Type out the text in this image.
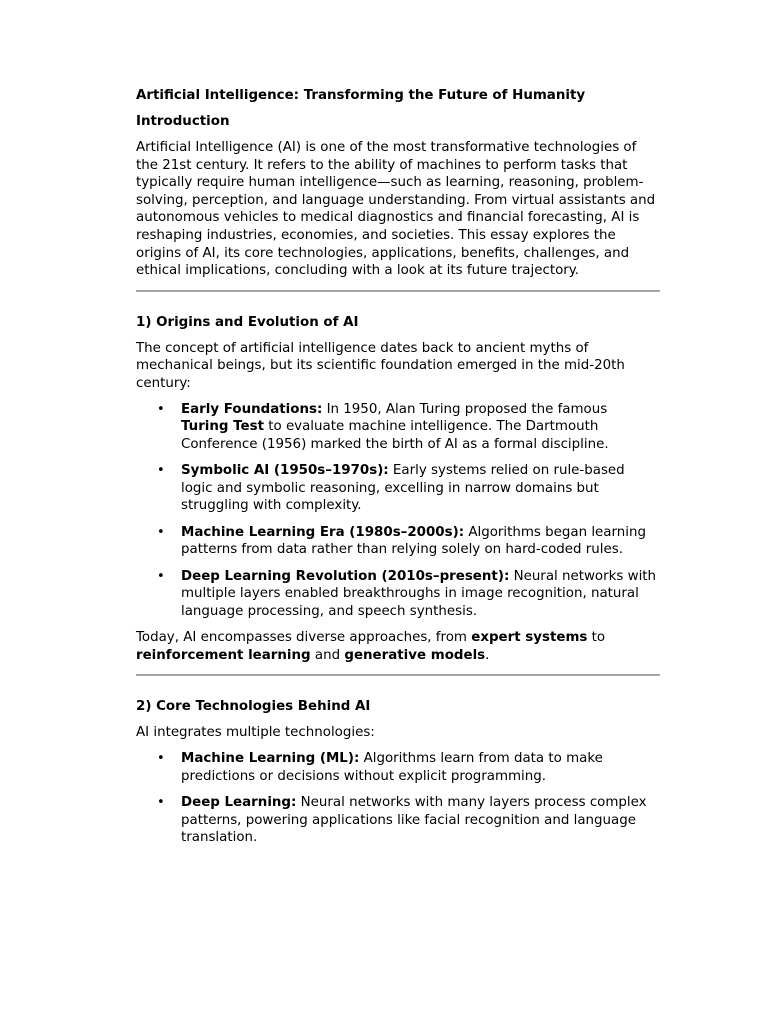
Artificial Intelligence: Transforming the Future of Humanity
Introduction

Artificial Intelligence (AI) is one of the most transformative technologies of the 21st century. It refers to the ability of machines to perform tasks that typically require human intelligence—such as learning, reasoning, problem-solving, perception, and language understanding. From virtual assistants and autonomous vehicles to medical diagnostics and financial forecasting, AI is reshaping industries, economies, and societies. This essay explores the origins of AI, its core technologies, applications, benefits, challenges, and ethical implications, concluding with a look at its future trajectory.

1) Origins and Evolution of AI

The concept of artificial intelligence dates back to ancient myths of mechanical beings, but its scientific foundation emerged in the mid-20th century:

• Early Foundations: In 1950, Alan Turing proposed the famous Turing Test to evaluate machine intelligence. The Dartmouth Conference (1956) marked the birth of AI as a formal discipline.
• Symbolic AI (1950s–1970s): Early systems relied on rule-based logic and symbolic reasoning, excelling in narrow domains but struggling with complexity.
• Machine Learning Era (1980s–2000s): Algorithms began learning patterns from data rather than relying solely on hard-coded rules.
• Deep Learning Revolution (2010s–present): Neural networks with multiple layers enabled breakthroughs in image recognition, natural language processing, and speech synthesis.

Today, AI encompasses diverse approaches, from expert systems to reinforcement learning and generative models.

2) Core Technologies Behind AI

AI integrates multiple technologies:

• Machine Learning (ML): Algorithms learn from data to make predictions or decisions without explicit programming.
• Deep Learning: Neural networks with many layers process complex patterns, powering applications like facial recognition and language translation.
